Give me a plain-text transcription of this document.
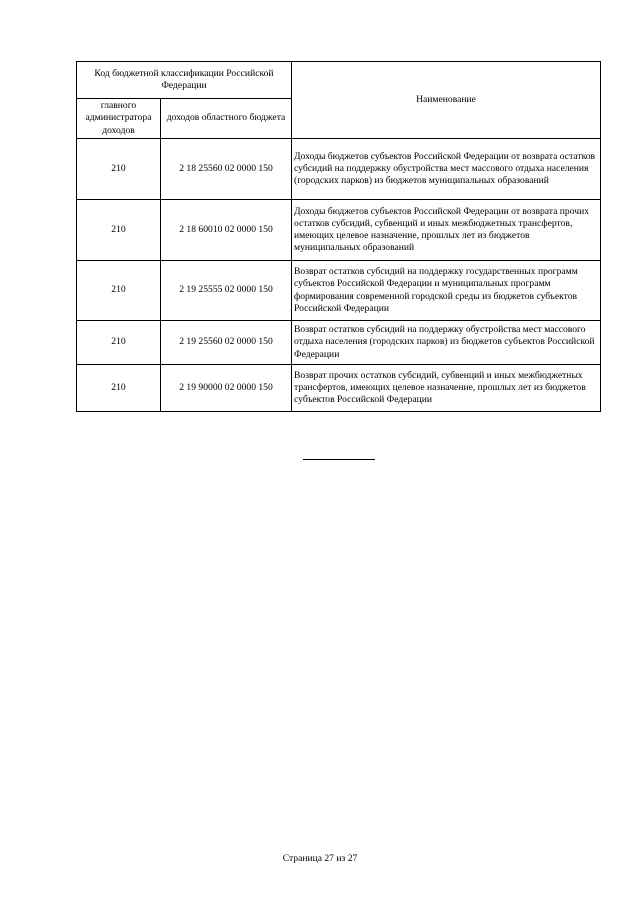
Код бюджетной классификации Российской Федерации		Наименование
главного администратора доходов	доходов областного бюджета	
210	2 18 25560 02 0000 150	Доходы бюджетов субъектов Российской Федерации от возврата остатков субсидий на поддержку обустройства мест массового отдыха населения (городских парков) из бюджетов муниципальных образований
210	2 18 60010 02 0000 150	Доходы бюджетов субъектов Российской Федерации от возврата прочих остатков субсидий, субвенций и иных межбюджетных трансфертов, имеющих целевое назначение, прошлых лет из бюджетов муниципальных образований
210	2 19 25555 02 0000 150	Возврат остатков субсидий на поддержку государственных программ субъектов Российской Федерации и муниципальных программ формирования современной городской среды из бюджетов субъектов Российской Федерации
210	2 19 25560 02 0000 150	Возврат остатков субсидий на поддержку обустройства мест массового отдыха населения (городских парков) из бюджетов субъектов Российской Федерации
210	2 19 90000 02 0000 150	Возврат прочих остатков субсидий, субвенций и иных межбюджетных трансфертов, имеющих целевое назначение, прошлых лет из бюджетов субъектов Российской Федерации
Страница 27 из 27
